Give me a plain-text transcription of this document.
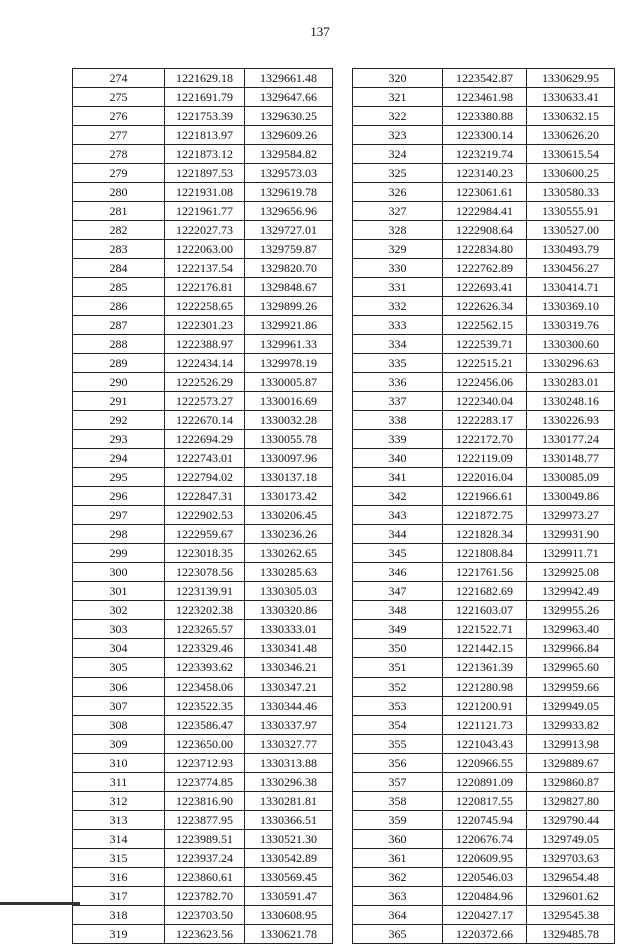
137
274	1221629.18	1329661.48
275	1221691.79	1329647.66
276	1221753.39	1329630.25
277	1221813.97	1329609.26
278	1221873.12	1329584.82
279	1221897.53	1329573.03
280	1221931.08	1329619.78
281	1221961.77	1329656.96
282	1222027.73	1329727.01
283	1222063.00	1329759.87
284	1222137.54	1329820.70
285	1222176.81	1329848.67
286	1222258.65	1329899.26
287	1222301.23	1329921.86
288	1222388.97	1329961.33
289	1222434.14	1329978.19
290	1222526.29	1330005.87
291	1222573.27	1330016.69
292	1222670.14	1330032.28
293	1222694.29	1330055.78
294	1222743.01	1330097.96
295	1222794.02	1330137.18
296	1222847.31	1330173.42
297	1222902.53	1330206.45
298	1222959.67	1330236.26
299	1223018.35	1330262.65
300	1223078.56	1330285.63
301	1223139.91	1330305.03
302	1223202.38	1330320.86
303	1223265.57	1330333.01
304	1223329.46	1330341.48
305	1223393.62	1330346.21
306	1223458.06	1330347.21
307	1223522.35	1330344.46
308	1223586.47	1330337.97
309	1223650.00	1330327.77
310	1223712.93	1330313.88
311	1223774.85	1330296.38
312	1223816.90	1330281.81
313	1223877.95	1330366.51
314	1223989.51	1330521.30
315	1223937.24	1330542.89
316	1223860.61	1330569.45
317	1223782.70	1330591.47
318	1223703.50	1330608.95
319	1223623.56	1330621.78
320	1223542.87	1330629.95
321	1223461.98	1330633.41
322	1223380.88	1330632.15
323	1223300.14	1330626.20
324	1223219.74	1330615.54
325	1223140.23	1330600.25
326	1223061.61	1330580.33
327	1222984.41	1330555.91
328	1222908.64	1330527.00
329	1222834.80	1330493.79
330	1222762.89	1330456.27
331	1222693.41	1330414.71
332	1222626.34	1330369.10
333	1222562.15	1330319.76
334	1222539.71	1330300.60
335	1222515.21	1330296.63
336	1222456.06	1330283.01
337	1222340.04	1330248.16
338	1222283.17	1330226.93
339	1222172.70	1330177.24
340	1222119.09	1330148.77
341	1222016.04	1330085.09
342	1221966.61	1330049.86
343	1221872.75	1329973.27
344	1221828.34	1329931.90
345	1221808.84	1329911.71
346	1221761.56	1329925.08
347	1221682.69	1329942.49
348	1221603.07	1329955.26
349	1221522.71	1329963.40
350	1221442.15	1329966.84
351	1221361.39	1329965.60
352	1221280.98	1329959.66
353	1221200.91	1329949.05
354	1221121.73	1329933.82
355	1221043.43	1329913.98
356	1220966.55	1329889.67
357	1220891.09	1329860.87
358	1220817.55	1329827.80
359	1220745.94	1329790.44
360	1220676.74	1329749.05
361	1220609.95	1329703.63
362	1220546.03	1329654.48
363	1220484.96	1329601.62
364	1220427.17	1329545.38
365	1220372.66	1329485.78
